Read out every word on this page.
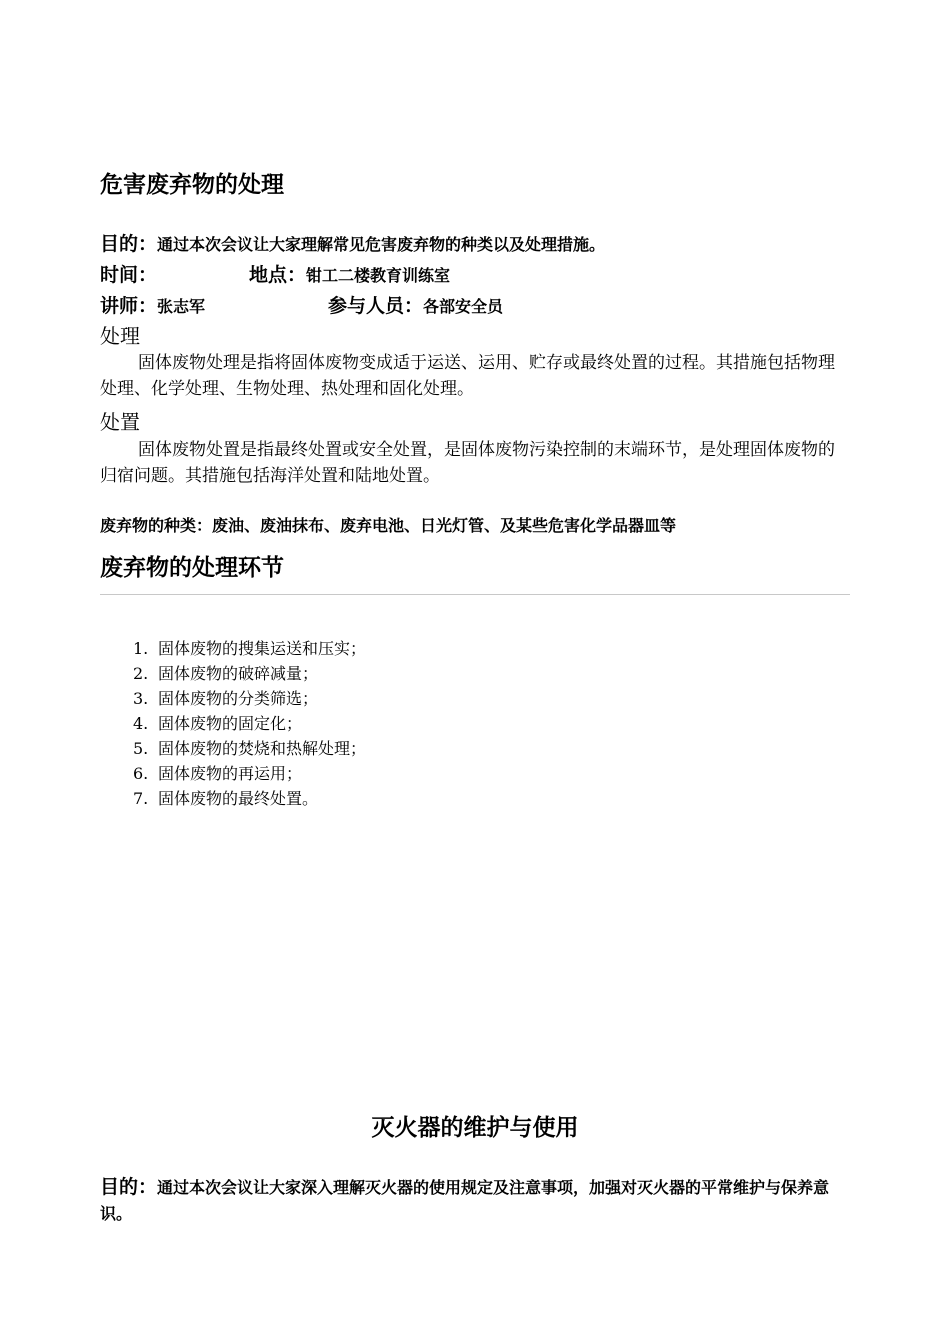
危害废弃物的处理
目的：通过本次会议让大家理解常见危害废弃物的种类以及处理措施。
时间：	地点：钳工二楼教育训练室
讲师：张志军	参与人员：各部安全员
处理
固体废物处理是指将固体废物变成适于运送、运用、贮存或最终处置的过程。其措施包括物理处理、化学处理、生物处理、热处理和固化处理。
处置
固体废物处置是指最终处置或安全处置，是固体废物污染控制的末端环节，是处理固体废物的归宿问题。其措施包括海洋处置和陆地处置。
废弃物的种类：废油、废油抹布、废弃电池、日光灯管、及某些危害化学品器皿等
废弃物的处理环节
1. 固体废物的搜集运送和压实；
2. 固体废物的破碎减量；
3. 固体废物的分类筛选；
4. 固体废物的固定化；
5. 固体废物的焚烧和热解处理；
6. 固体废物的再运用；
7. 固体废物的最终处置。
灭火器的维护与使用
目的：通过本次会议让大家深入理解灭火器的使用规定及注意事项，加强对灭火器的平常维护与保养意识。
